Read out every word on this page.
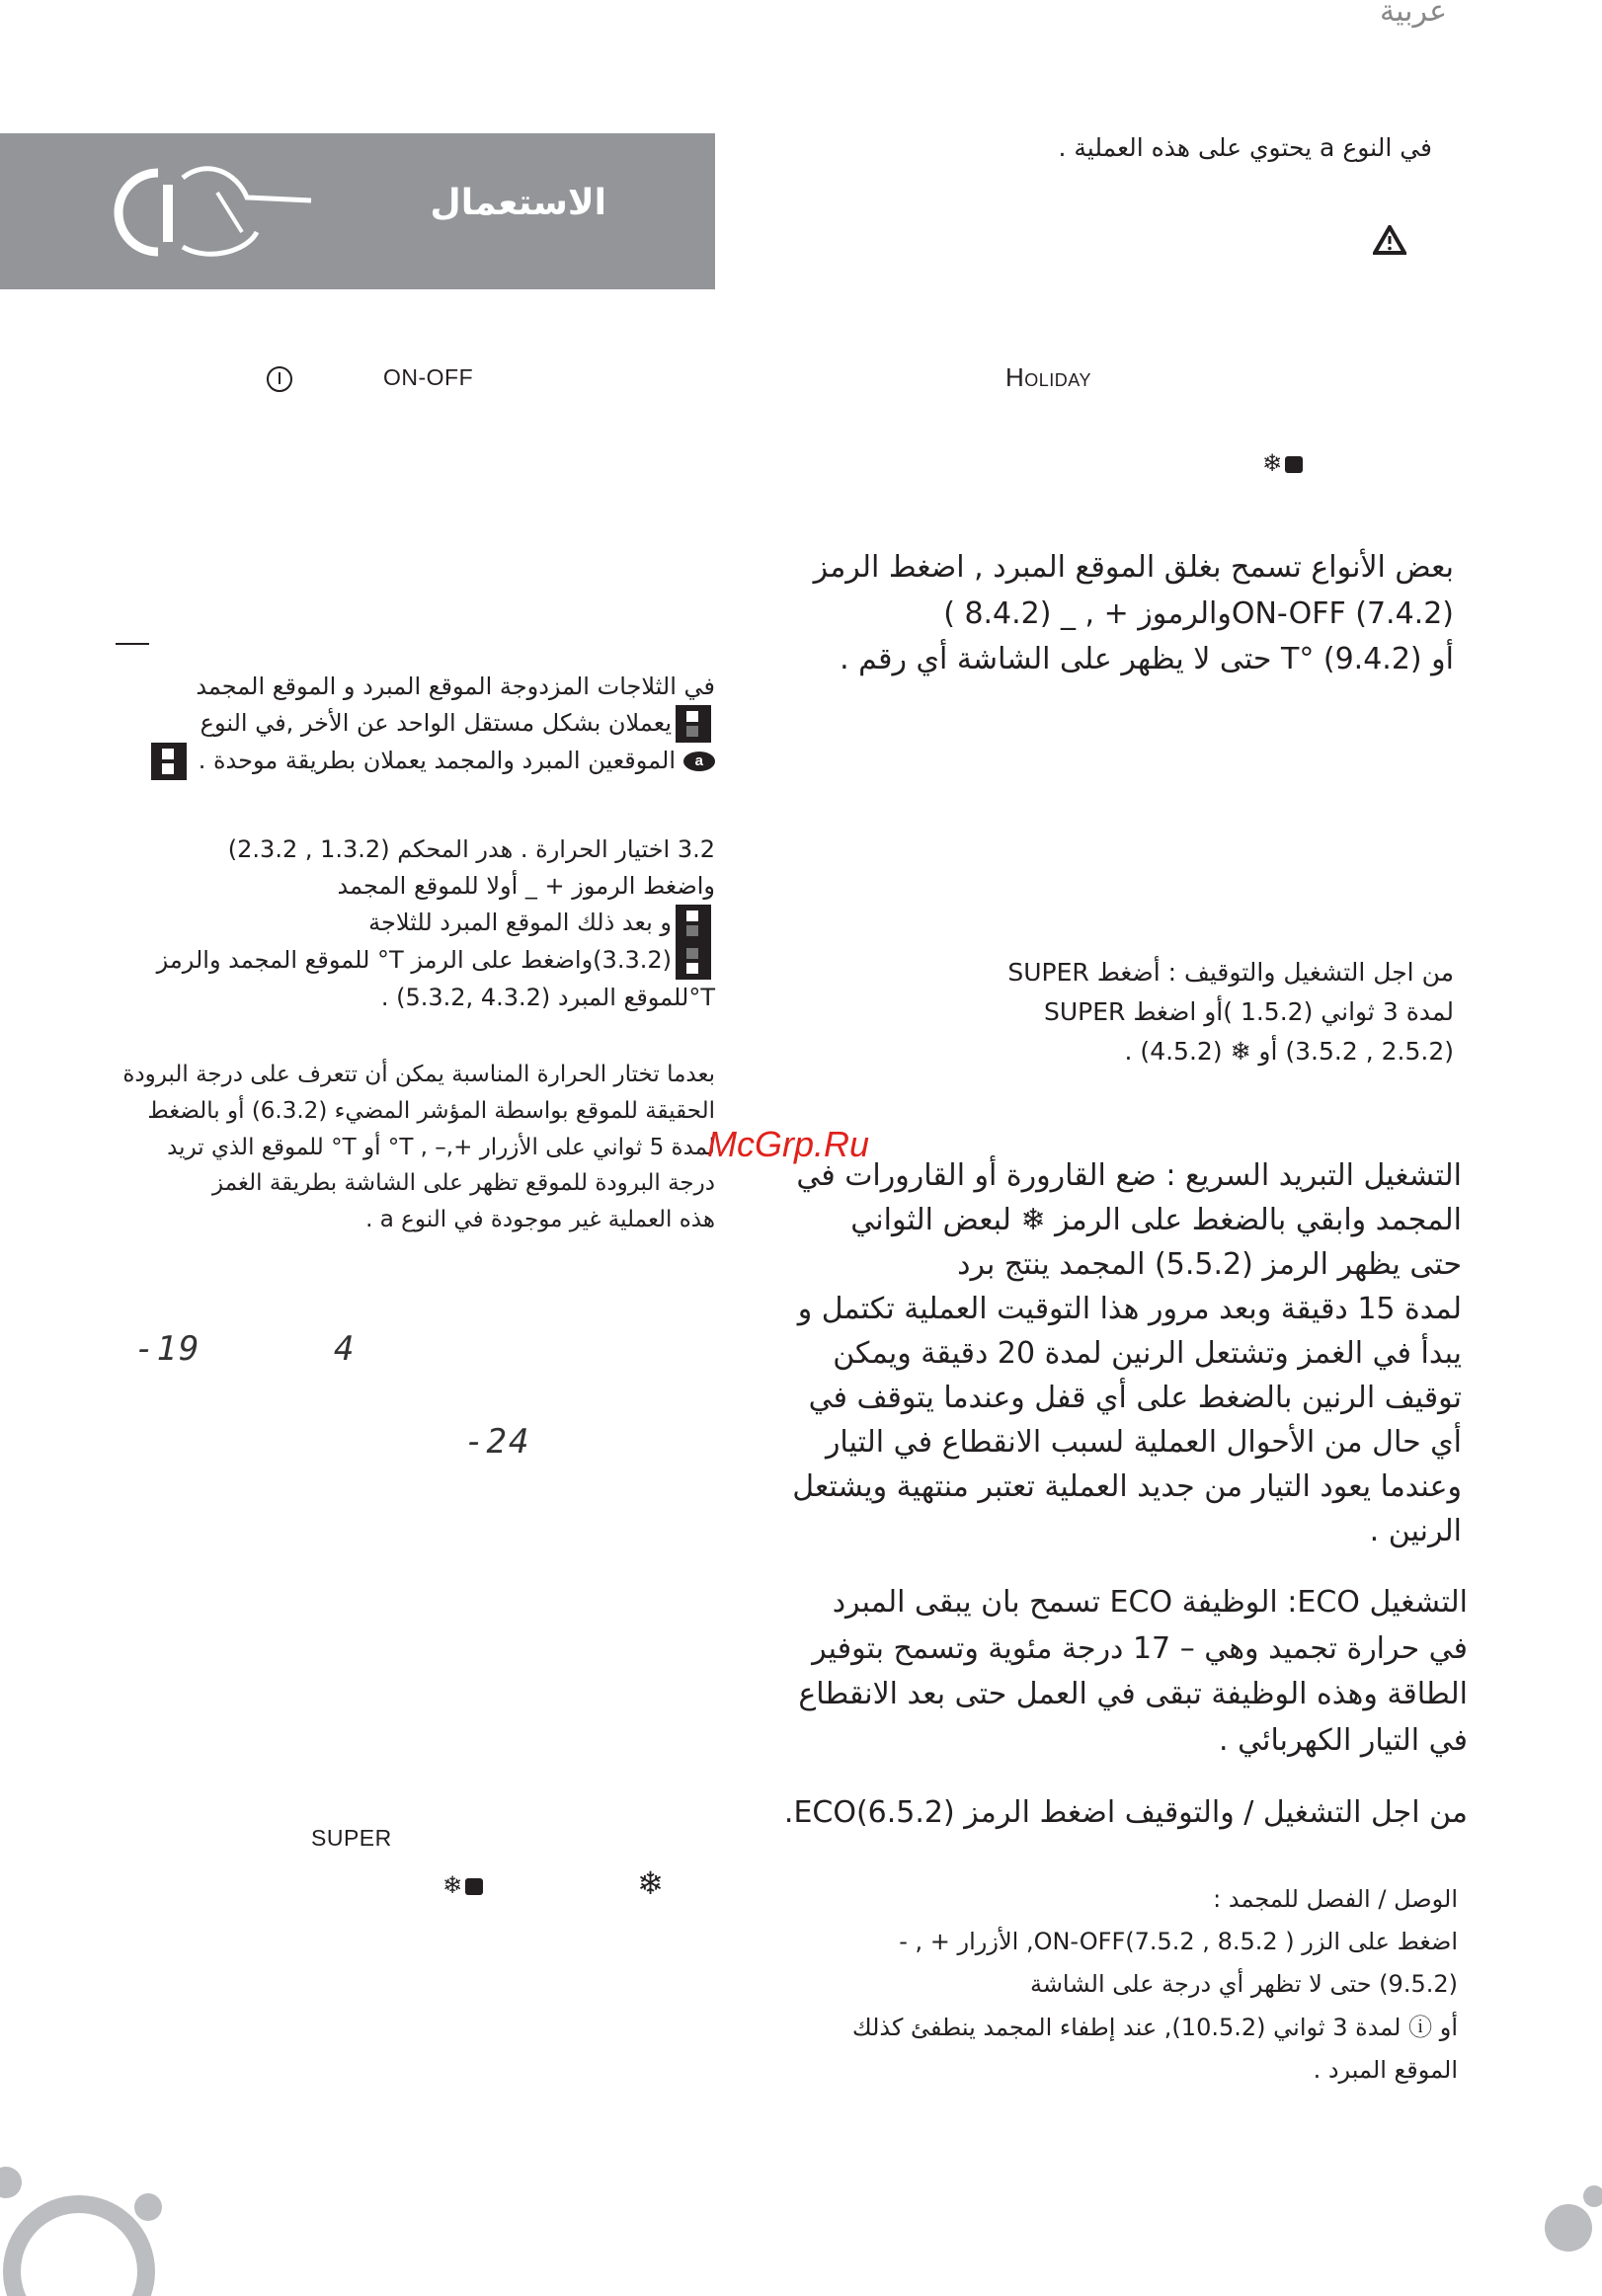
عربية
الاستعمال
في النوع a يحتوي على هذه العملية .
ON-OFF	Holiday
❄
بعض الأنواع تسمح بغلق الموقع المبرد , اضغط الرمز
ON-OFF (7.4.2)والرموز + , _ (8.4.2 )
أو T° (9.4.2) حتى لا يظهر على الشاشة أي رقم .
في الثلاجات المزدوجة الموقع المبرد و الموقع المجمد
يعملان بشكل مستقل الواحد عن الأخر ,في النوع
a الموقعين المبرد والمجمد يعملان بطريقة موحدة .
3.2 اختيار الحرارة . هدر المحكم (1.3.2 , 2.3.2)
واضغط الرموز + _ أولا للموقع المجمد
و بعد ذلك الموقع المبرد للثلاجة
(3.3.2)واضغط على الرمز T° للموقع المجمد والرمز
T°للموقع المبرد (4.3.2 ,5.3.2) .
بعدما تختار الحرارة المناسبة يمكن أن تتعرف على درجة البرودة
الحقيقة للموقع بواسطة المؤشر المضيء (6.3.2) أو بالضغط
لمدة 5 ثواني على الأزرار +,– , T° أو T° للموقع الذي تريد
درجة البرودة للموقع تظهر على الشاشة بطريقة الغمز
هذه العملية غير موجودة في النوع a .
-19	4
-24
McGrp.Ru
من اجل التشغيل والتوقيف : أضغط SUPER
لمدة 3 ثواني (1.5.2 )أو اضغط SUPER
(2.5.2 , 3.5.2) أو ❄ (4.5.2) .
التشغيل التبريد السريع : ضع القارورة أو القارورات في
المجمد وابقي بالضغط على الرمز ❄ لبعض الثواني
حتى يظهر الرمز (5.5.2) المجمد ينتج برد
لمدة 15 دقيقة وبعد مرور هذا التوقيت العملية تكتمل و
يبدأ في الغمز وتشتعل الرنين لمدة 20 دقيقة ويمكن
توقيف الرنين بالضغط على أي قفل وعندما يتوقف في
أي حال من الأحوال العملية لسبب الانقطاع في التيار
وعندما يعود التيار من جديد العملية تعتبر منتهية ويشتعل
الرنين .
التشغيل ECO: الوظيفة ECO تسمح بان يبقى المبرد
في حرارة تجميد وهي – 17 درجة مئوية وتسمح بتوفير
الطاقة وهذه الوظيفة تبقى في العمل حتى بعد الانقطاع
في التيار الكهربائي .
من اجل التشغيل / والتوقيف اضغط الرمز ECO(6.5.2).
SUPER
❄	❄	الوصل / الفصل للمجمد :
اضغط على الزر ON-OFF(7.5.2 , 8.5.2 ), الأزرار + , -
(9.5.2) حتى لا تظهر أي درجة على الشاشة
أو ⓘ لمدة 3 ثواني (10.5.2), عند إطفاء المجمد ينطفئ كذلك
الموقع المبرد .
